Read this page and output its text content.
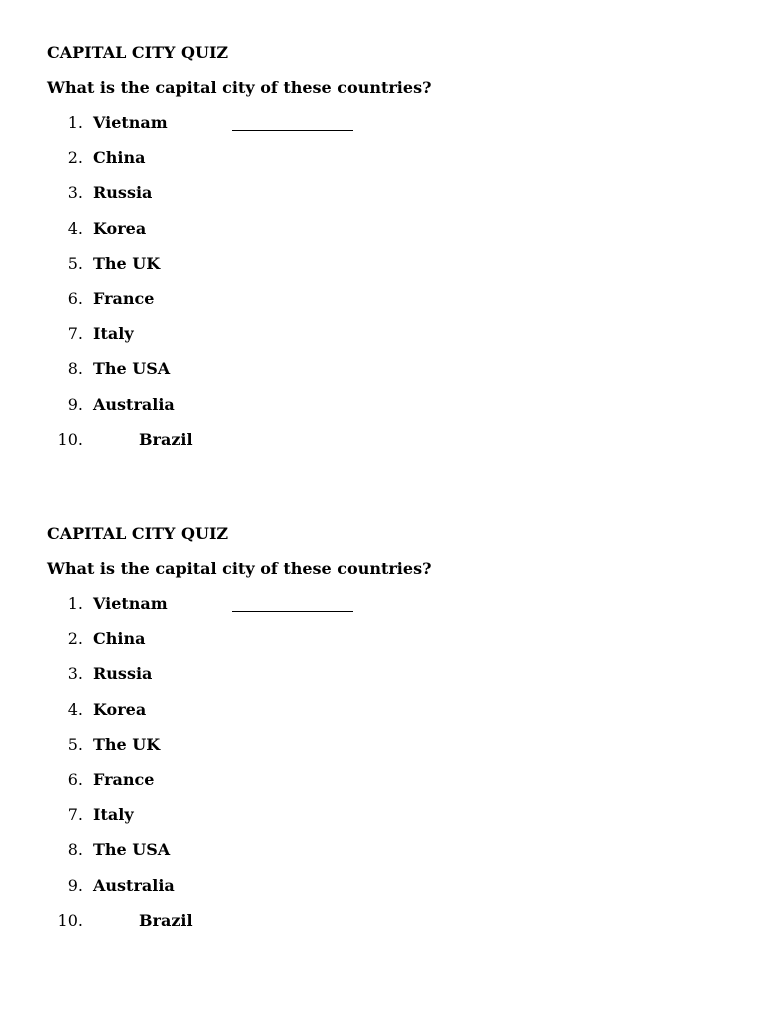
CAPITAL CITY QUIZ
What is the capital city of these countries?
1. Vietnam
2. China
3. Russia
4. Korea
5. The UK
6. France
7. Italy
8. The USA
9. Australia
10.	Brazil
CAPITAL CITY QUIZ
What is the capital city of these countries?
1. Vietnam
2. China
3. Russia
4. Korea
5. The UK
6. France
7. Italy
8. The USA
9. Australia
10.	Brazil
